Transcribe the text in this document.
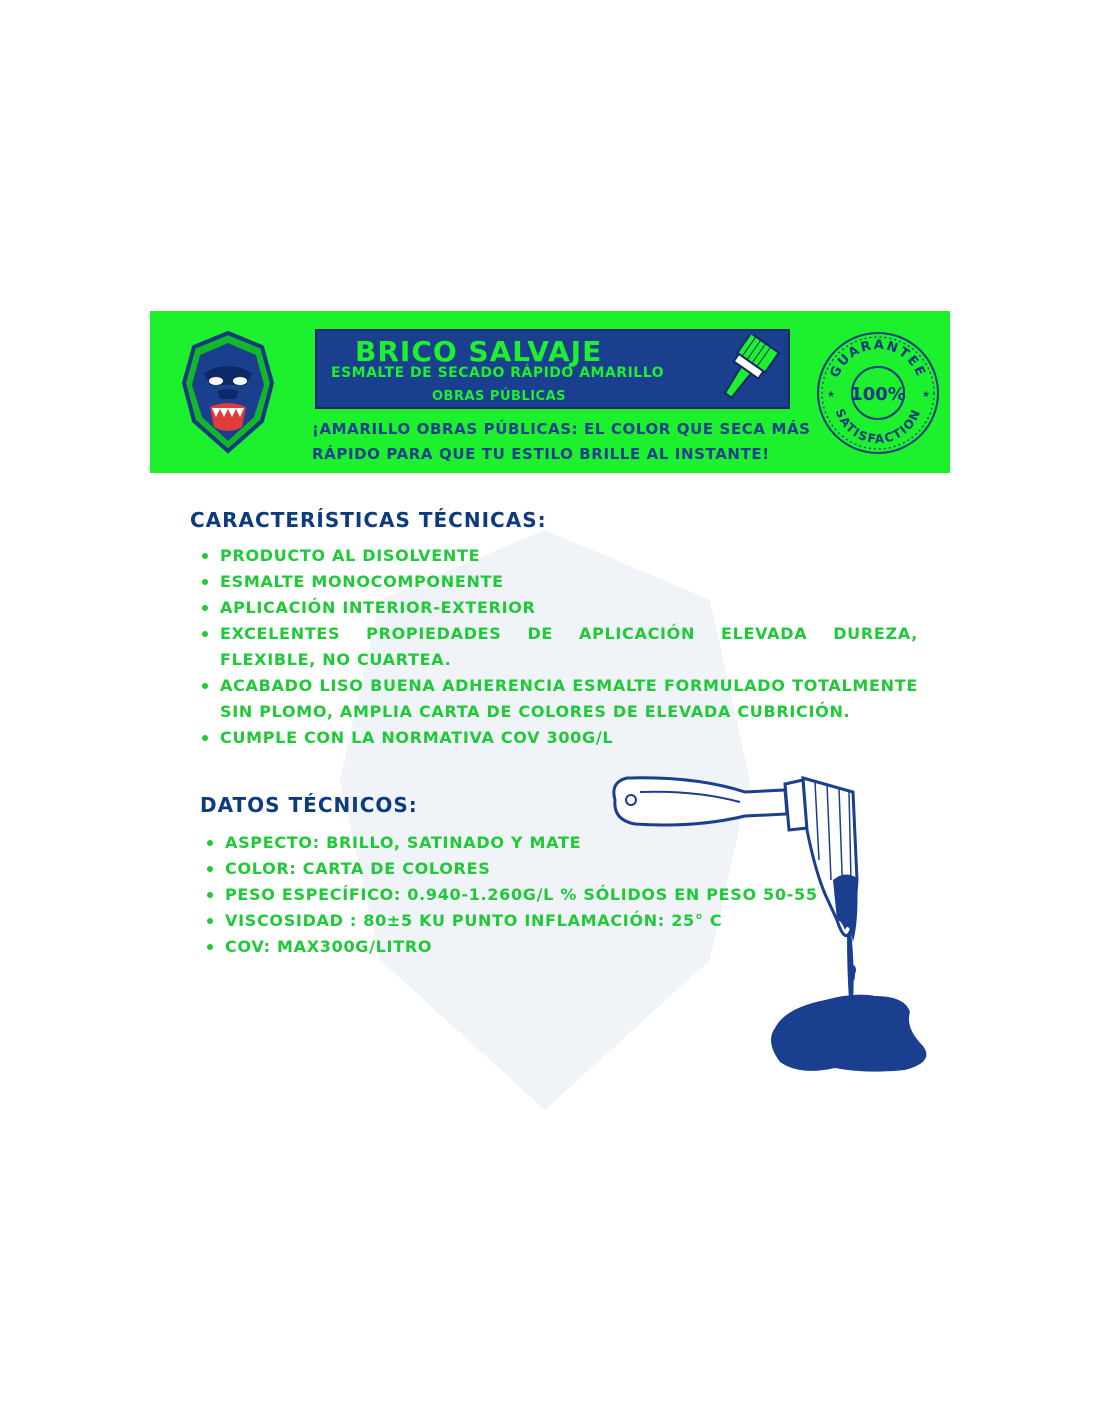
BRICO SALVAJE
ESMALTE DE SECADO RÁPIDO AMARILLO
OBRAS PÚBLICAS
¡AMARILLO OBRAS PÚBLICAS: EL COLOR QUE SECA MÁS
RÁPIDO PARA QUE TU ESTILO BRILLE AL INSTANTE!
GUARANTEE
SATISFACTION
100%
★	★
CARACTERÍSTICAS TÉCNICAS:
PRODUCTO AL DISOLVENTE
ESMALTE MONOCOMPONENTE
APLICACIÓN INTERIOR-EXTERIOR
EXCELENTES PROPIEDADES DE APLICACIÓN ELEVADA DUREZA, FLEXIBLE, NO CUARTEA.
ACABADO LISO BUENA ADHERENCIA ESMALTE FORMULADO TOTALMENTE SIN PLOMO, AMPLIA CARTA DE COLORES DE ELEVADA CUBRICIÓN.
CUMPLE CON LA NORMATIVA COV 300G/L
DATOS TÉCNICOS:
ASPECTO: BRILLO, SATINADO Y MATE
COLOR: CARTA DE COLORES
PESO ESPECÍFICO: 0.940-1.260G/L % SÓLIDOS EN PESO 50-55
VISCOSIDAD : 80±5 KU PUNTO INFLAMACIÓN: 25° C
COV: MAX300G/LITRO
